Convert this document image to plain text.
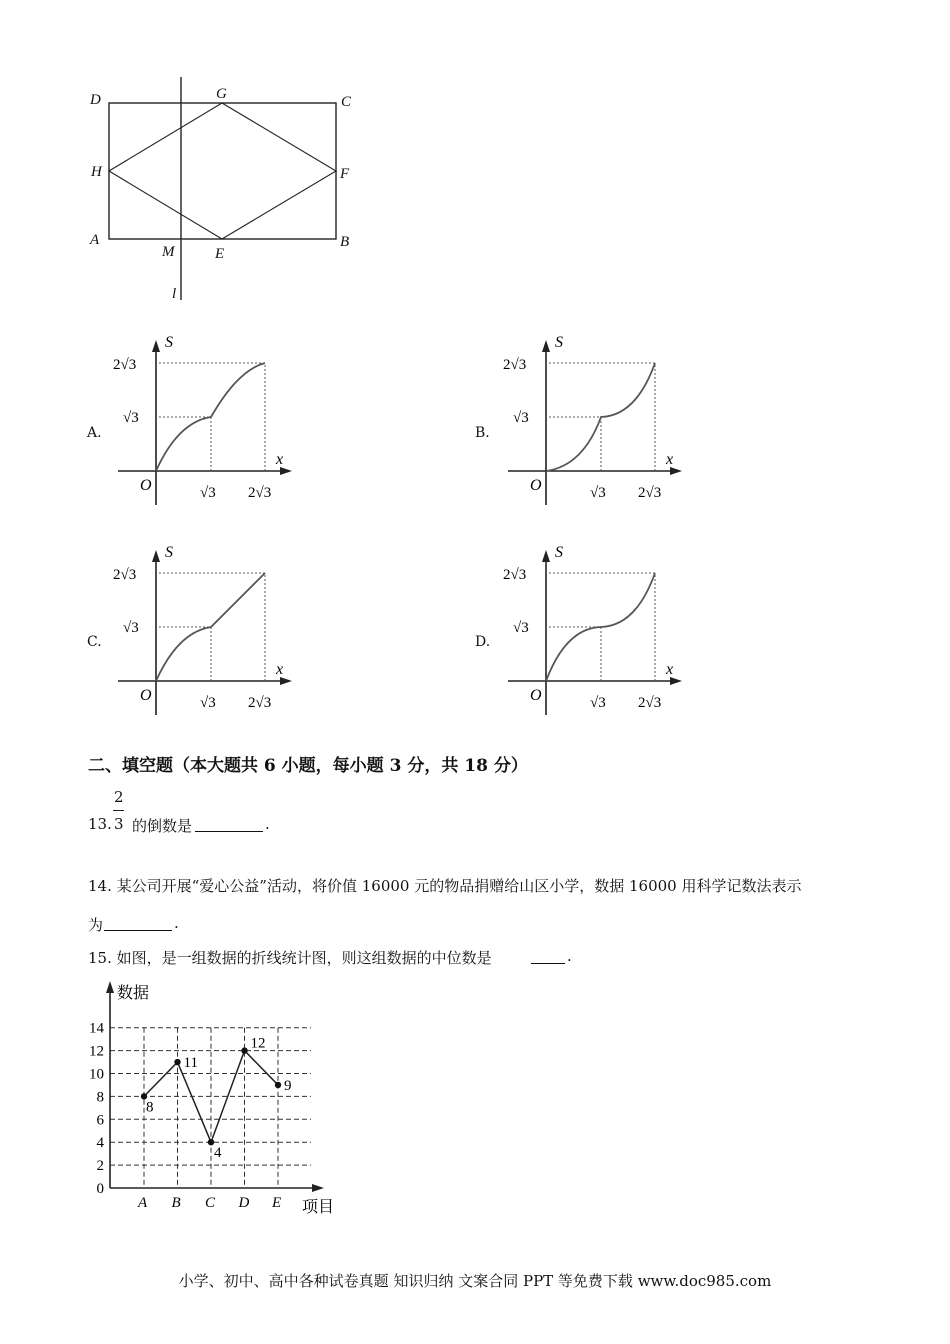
D	G	C
H	F
A
M	E
B
l
A.
S
x
O	√3 2√3
√3
2√3
B.
S
x
O	√3 2√3
√3
2√3
C.
S
x
O	√3 2√3
√3
2√3
D.
S
x
O	√3 2√3
√3
2√3
二、填空题（本大题共 6 小题，每小题 3 分，共 18 分）
13.
2
3 的倒数是	.
14. 某公司开展“爱心公益”活动，将价值 16000 元的物品捐赠给山区小学，数据 16000 用科学记数法表示
为	.
15. 如图，是一组数据的折线统计图，则这组数据的中位数是	.
0
2
4
6
8
10
12
14
A B C D E
8
11
4
12
9
数据
项目
小学、初中、高中各种试卷真题 知识归纳 文案合同 PPT 等免费下载 www.doc985.com
